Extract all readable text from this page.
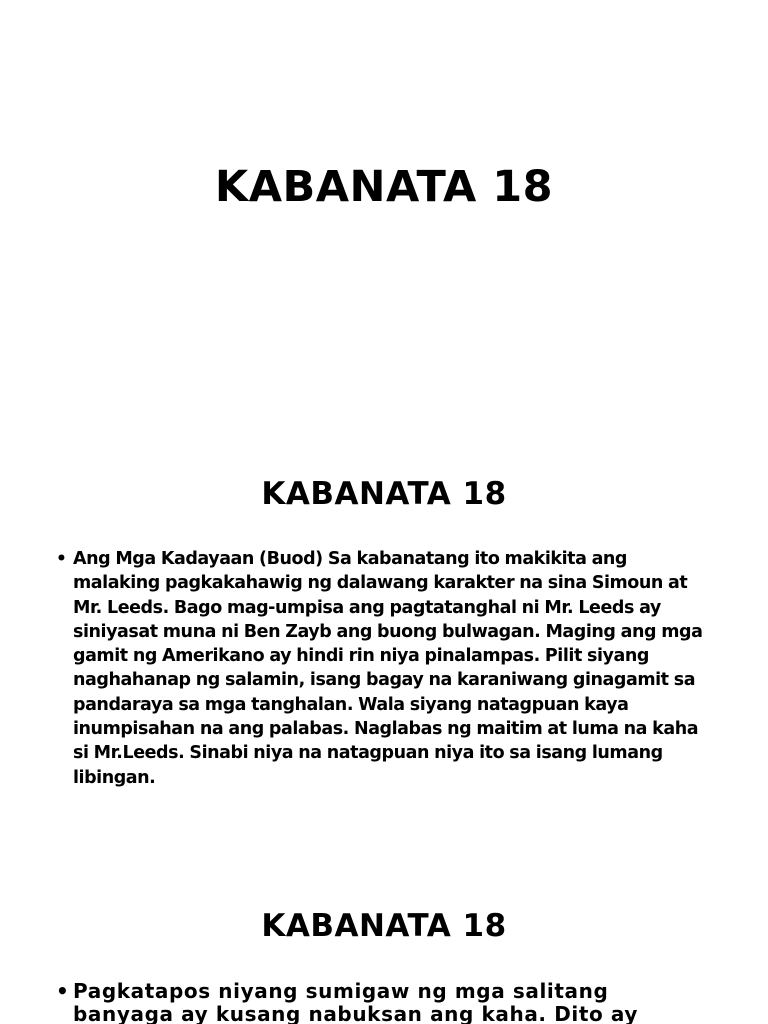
KABANATA 18
KABANATA 18
• Ang Mga Kadayaan (Buod) Sa kabanatang ito makikita ang malaking pagkakahawig ng dalawang karakter na sina Simoun at Mr. Leeds. Bago mag-umpisa ang pagtatanghal ni Mr. Leeds ay siniyasat muna ni Ben Zayb ang buong bulwagan. Maging ang mga gamit ng Amerikano ay hindi rin niya pinalampas. Pilit siyang naghahanap ng salamin, isang bagay na karaniwang ginagamit sa pandaraya sa mga tanghalan. Wala siyang natagpuan kaya inumpisahan na ang palabas. Naglabas ng maitim at luma na kaha si Mr.Leeds. Sinabi niya na natagpuan niya ito sa isang lumang libingan.
KABANATA 18
• Pagkatapos niyang sumigaw ng mga salitang banyaga ay kusang nabuksan ang kaha. Dito ay
